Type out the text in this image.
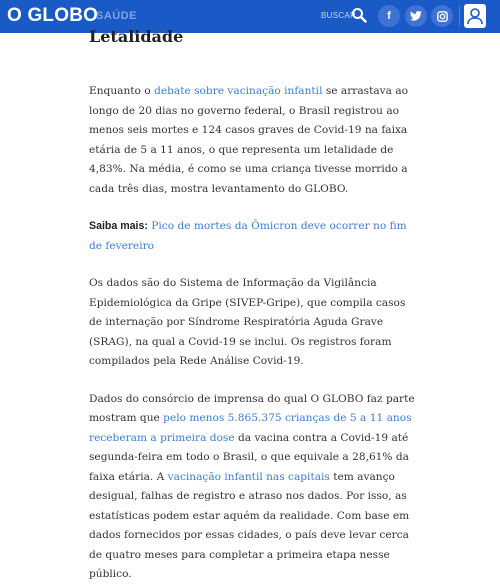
O GLOBO
SAÚDE	BUSCAR	f
Letalidade

Enquanto o debate sobre vacinação infantil se arrastava ao longo de 20 dias no governo federal, o Brasil registrou ao menos seis mortes e 124 casos graves de Covid-19 na faixa etária de 5 a 11 anos, o que representa um letalidade de 4,83%. Na média, é como se uma criança tivesse morrido a cada três dias, mostra levantamento do GLOBO.

Saiba mais: Pico de mortes da Ômicron deve ocorrer no fim de fevereiro

Os dados são do Sistema de Informação da Vigilância Epidemiológica da Gripe (SIVEP-Gripe), que compila casos de internação por Síndrome Respiratória Aguda Grave (SRAG), na qual a Covid-19 se inclui. Os registros foram compilados pela Rede Análise Covid-19.

Dados do consórcio de imprensa do qual O GLOBO faz parte mostram que pelo menos 5.865.375 crianças de 5 a 11 anos receberam a primeira dose da vacina contra a Covid-19 até segunda-feira em todo o Brasil, o que equivale a 28,61% da faixa etária. A vacinação infantil nas capitais tem avanço desigual, falhas de registro e atraso nos dados. Por isso, as estatísticas podem estar aquém da realidade. Com base em dados fornecidos por essas cidades, o país deve levar cerca de quatro meses para completar a primeira etapa nesse público.
